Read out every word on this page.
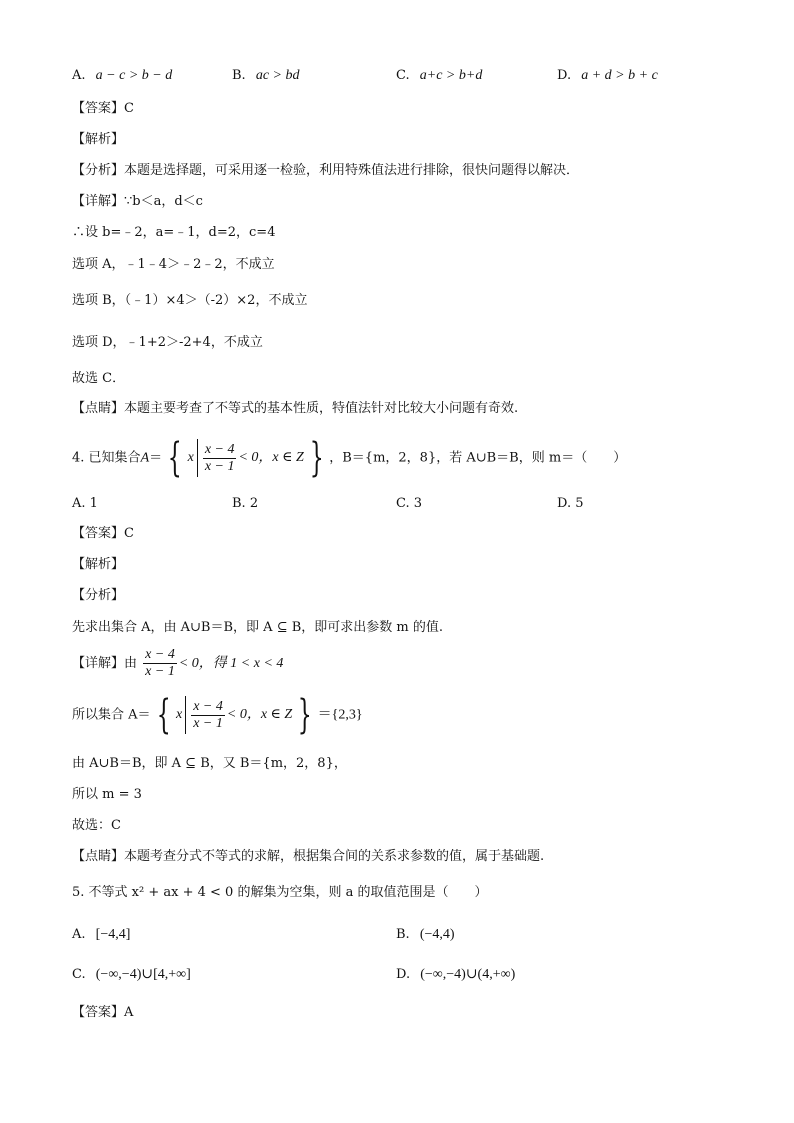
A. a − c > b − d	B. ac > bd	C. a+c > b+d	D. a + d > b + c
【答案】C
【解析】
【分析】本题是选择题，可采用逐一检验，利用特殊值法进行排除，很快问题得以解决．
【详解】∵b＜a，d＜c
∴设 b=﹣2，a=﹣1，d=2，c=4
选项 A，﹣1﹣4＞﹣2﹣2，不成立
选项 B，（﹣1）×4＞（-2）×2，不成立
选项 D，﹣1+2＞-2+4，不成立
故选 C．
【点睛】本题主要考查了不等式的基本性质，特值法针对比较大小问题有奇效.
4. 已知集合A＝ { x $\frac{x - 4}{x - 1} < 0$，x ∈ Z } ，B＝{m，2，8}，若 A∪B＝B，则 m＝（　　）
A. 1	B. 2	C. 3	D. 5
【答案】C
【解析】
【分析】
先求出集合 A，由 A∪B＝B，即 A ⊆ B，即可求出参数 m 的值.
【详解】由 $\frac{x - 4}{x - 1} < 0$，得 1 < x < 4
所以集合 A＝ { x $\frac{x - 4}{x - 1} < 0$，x ∈ Z } ＝{2,3}
由 A∪B＝B，即 A ⊆ B，又 B＝{m，2，8}，
所以 m = 3
故选：C
【点睛】本题考查分式不等式的求解，根据集合间的关系求参数的值，属于基础题.
5. 不等式 x² + ax + 4 < 0 的解集为空集，则 a 的取值范围是（　　）
A. [−4,4]	B. (−4,4)
C. (−∞,−4)∪[4,+∞]	D. (−∞,−4)∪(4,+∞)
【答案】A
